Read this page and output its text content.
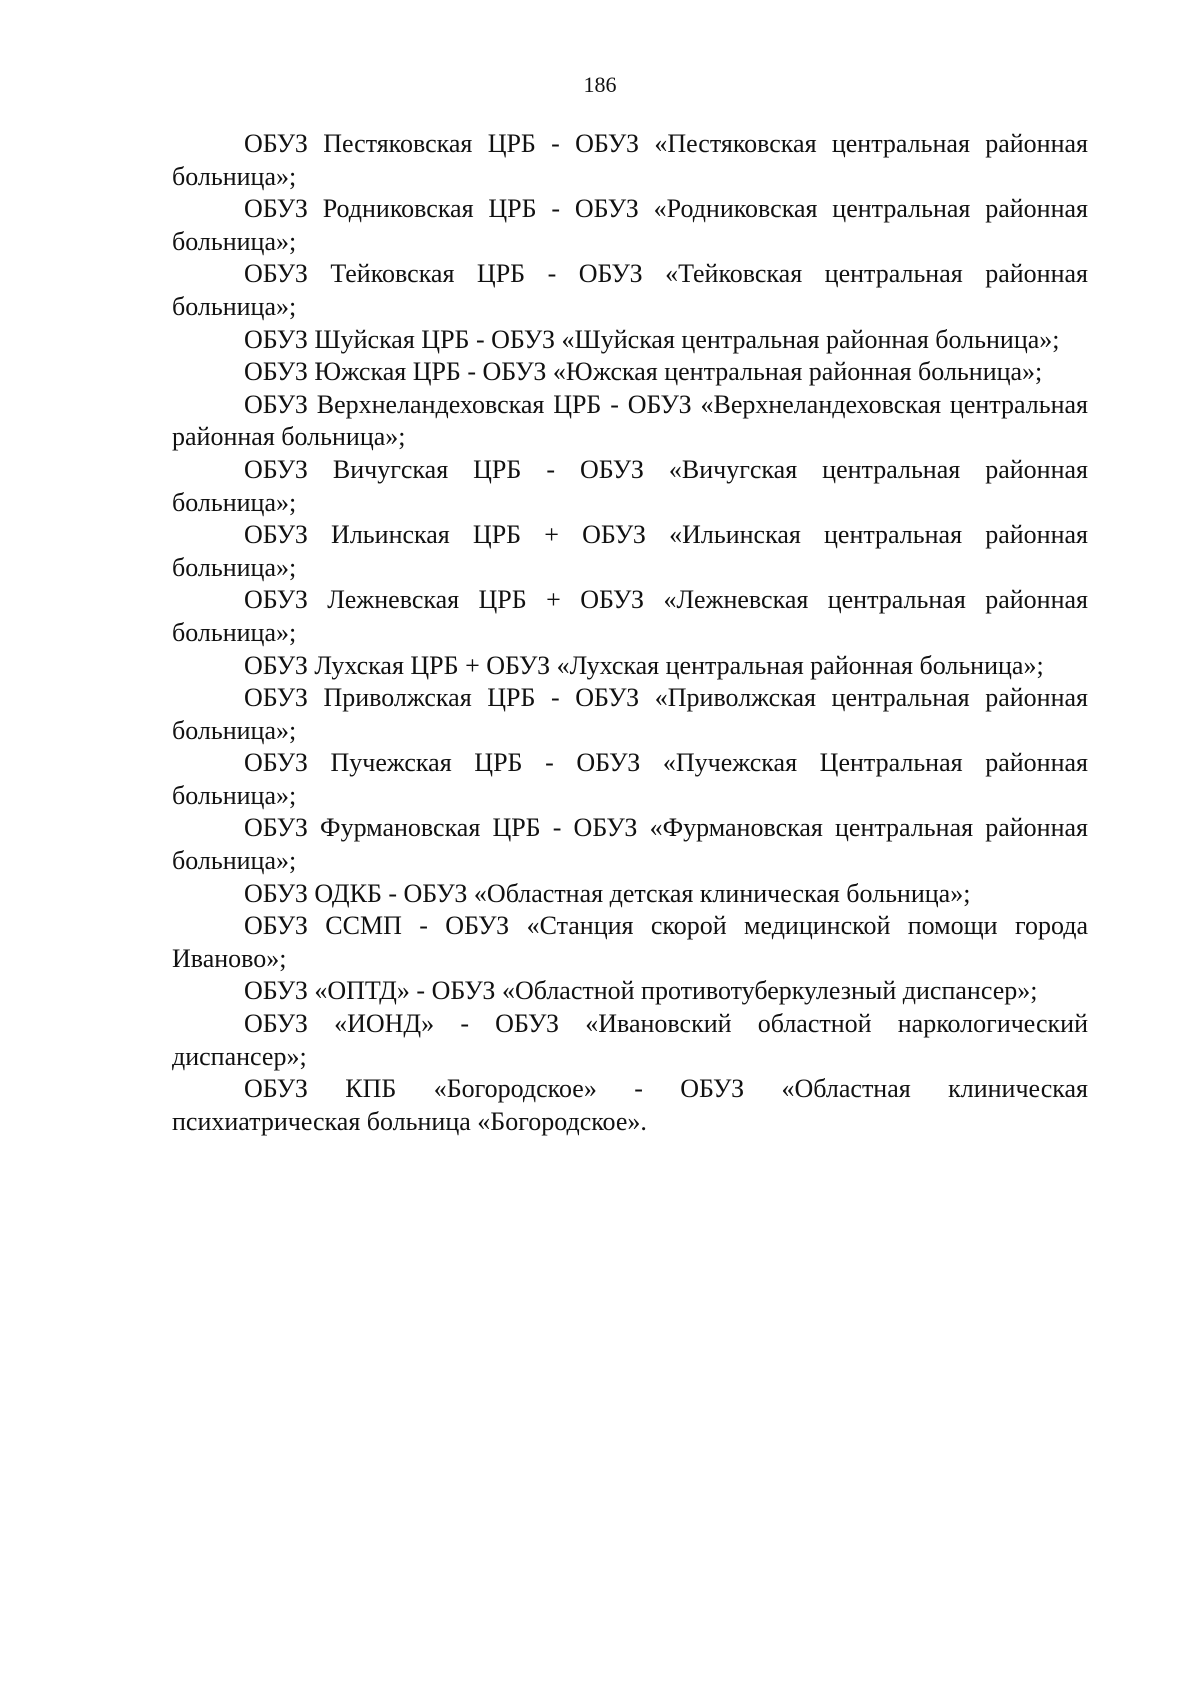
186

ОБУЗ Пестяковская ЦРБ - ОБУЗ «Пестяковская центральная районная больница»;

ОБУЗ Родниковская ЦРБ - ОБУЗ «Родниковская центральная районная больница»;

ОБУЗ Тейковская ЦРБ - ОБУЗ «Тейковская центральная районная больница»;

ОБУЗ Шуйская ЦРБ - ОБУЗ «Шуйская центральная районная больница»;

ОБУЗ Южская ЦРБ - ОБУЗ «Южская центральная районная больница»;

ОБУЗ Верхнеландеховская ЦРБ - ОБУЗ «Верхнеландеховская центральная районная больница»;

ОБУЗ Вичугская ЦРБ - ОБУЗ «Вичугская центральная районная больница»;

ОБУЗ Ильинская ЦРБ + ОБУЗ «Ильинская центральная районная больница»;

ОБУЗ Лежневская ЦРБ + ОБУЗ «Лежневская центральная районная больница»;

ОБУЗ Лухская ЦРБ + ОБУЗ «Лухская центральная районная больница»;

ОБУЗ Приволжская ЦРБ - ОБУЗ «Приволжская центральная районная больница»;

ОБУЗ Пучежская ЦРБ - ОБУЗ «Пучежская Центральная районная больница»;

ОБУЗ Фурмановская ЦРБ - ОБУЗ «Фурмановская центральная районная больница»;

ОБУЗ ОДКБ - ОБУЗ «Областная детская клиническая больница»;

ОБУЗ ССМП - ОБУЗ «Станция скорой медицинской помощи города Иваново»;

ОБУЗ «ОПТД» - ОБУЗ «Областной противотуберкулезный диспансер»;

ОБУЗ «ИОНД» - ОБУЗ «Ивановский областной наркологический диспансер»;

ОБУЗ КПБ «Богородское» - ОБУЗ «Областная клиническая психиатрическая больница «Богородское».
